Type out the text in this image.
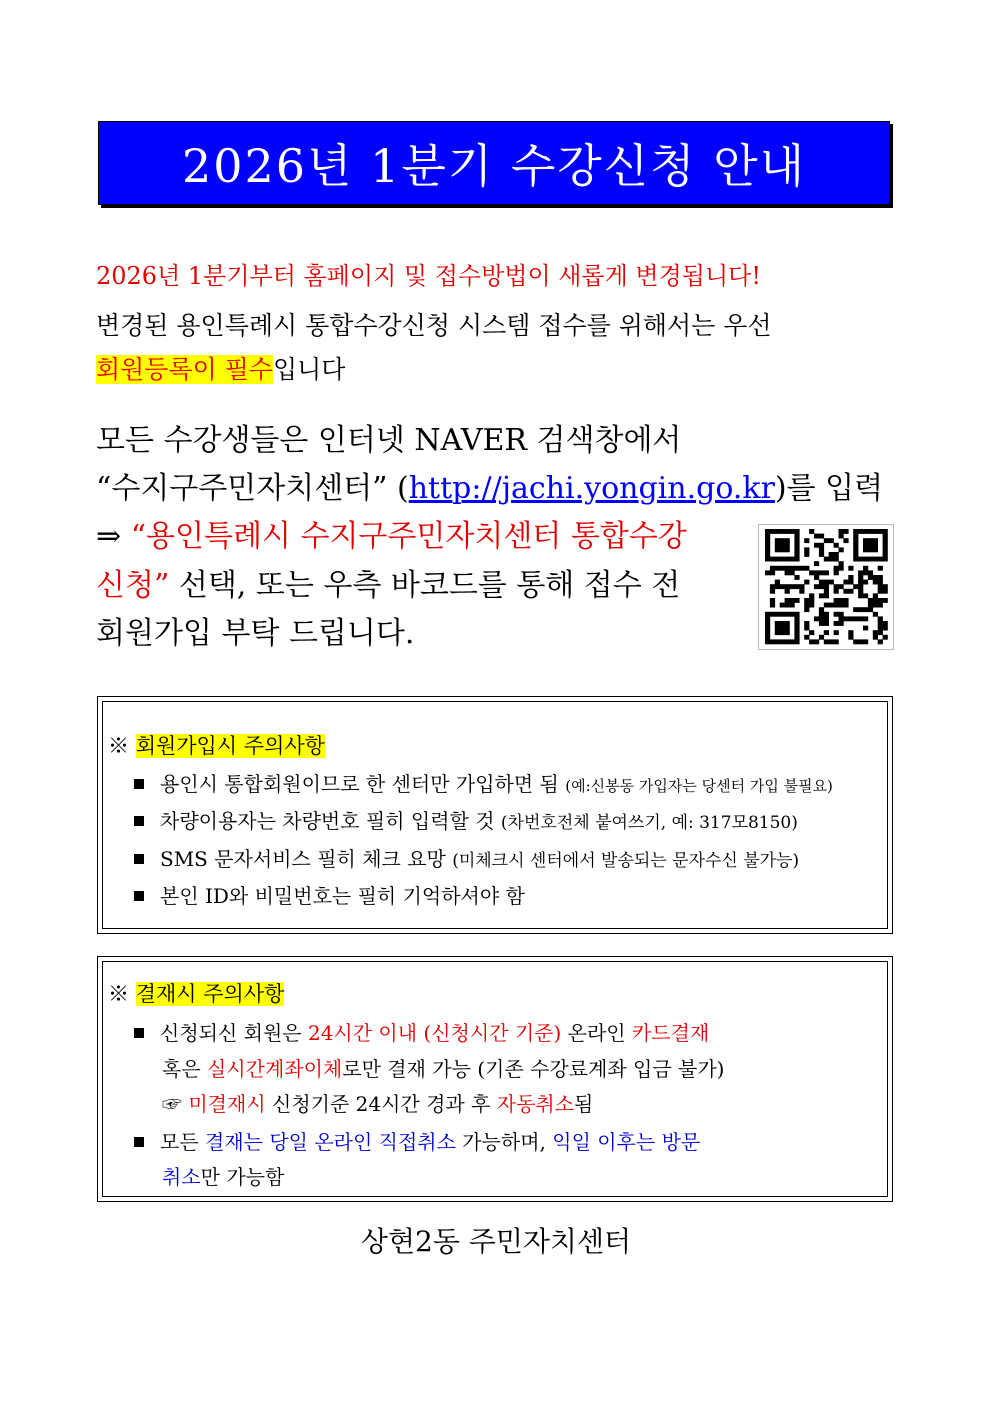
2026년 1분기 수강신청 안내
2026년 1분기부터 홈페이지 및 접수방법이 새롭게 변경됩니다!
변경된 용인특례시 통합수강신청 시스템 접수를 위해서는 우선
회원등록이 필수입니다
모든 수강생들은 인터넷 NAVER 검색창에서
“수지구주민자치센터” (http://jachi.yongin.go.kr)를 입력
⇒ “용인특례시 수지구주민자치센터 통합수강
신청” 선택, 또는 우측 바코드를 통해 접수 전
회원가입 부탁 드립니다.
※ 회원가입시 주의사항
용인시 통합회원이므로 한 센터만 가입하면 됨 (예:신봉동 가입자는 당센터 가입 불필요)
차량이용자는 차량번호 필히 입력할 것 (차번호전체 붙여쓰기, 예: 317모8150)
SMS 문자서비스 필히 체크 요망 (미체크시 센터에서 발송되는 문자수신 불가능)
본인 ID와 비밀번호는 필히 기억하셔야 함
※ 결재시 주의사항
신청되신 회원은 24시간 이내 (신청시간 기준) 온라인 카드결재
혹은 실시간계좌이체로만 결재 가능 (기존 수강료계좌 입금 불가)
☞ 미결재시 신청기준 24시간 경과 후 자동취소됨
모든 결재는 당일 온라인 직접취소 가능하며, 익일 이후는 방문
취소만 가능함
상현2동 주민자치센터
